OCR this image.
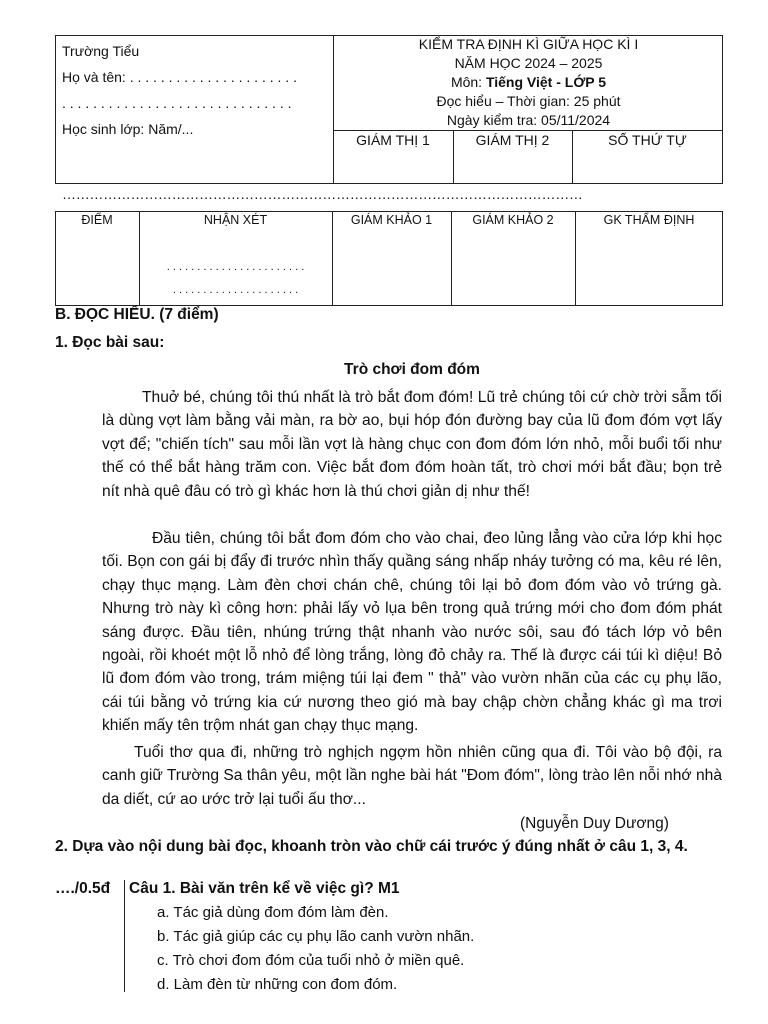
Trường Tiểu
Họ và tên: . . . . . . . . . . . . . . . . . . . . . .
. . . . . . . . . . . . . . . . . . . . . . . . . . . . . .
Học sinh lớp: Năm/...
KIỂM TRA ĐỊNH KÌ GIỮA HỌC KÌ I
NĂM HỌC 2024 – 2025
Môn: Tiếng Việt - LỚP 5
Đọc hiểu – Thời gian: 25 phút
Ngày kiểm tra: 05/11/2024
GIÁM THỊ 1	GIÁM THỊ 2	SỐ THỨ TỰ
……………………………………………………………………………………………………
ĐIỂM	NHẬN XÉT	GIÁM KHẢO 1	GIÁM KHẢO 2	GK THẨM ĐỊNH
. . . . . . . . . . . . . . . . . . . . . . .
. . . . . . . . . . . . . . . . . . . . .
B. ĐỌC HIỂU. (7 điểm)
1. Đọc bài sau:
Trò chơi đom đóm
Thuở bé, chúng tôi thú nhất là trò bắt đom đóm! Lũ trẻ chúng tôi cứ chờ trời sẫm tối là dùng vợt làm bằng vải màn, ra bờ ao, bụi hóp đón đường bay của lũ đom đóm vợt lấy vợt để; "chiến tích" sau mỗi lần vợt là hàng chục con đom đóm lớn nhỏ, mỗi buổi tối như thế có thể bắt hàng trăm con. Việc bắt đom đóm hoàn tất, trò chơi mới bắt đầu; bọn trẻ nít nhà quê đâu có trò gì khác hơn là thú chơi giản dị như thế!
Đầu tiên, chúng tôi bắt đom đóm cho vào chai, đeo lủng lẳng vào cửa lớp khi học tối. Bọn con gái bị đẩy đi trước nhìn thấy quầng sáng nhấp nháy tưởng có ma, kêu ré lên, chạy thục mạng. Làm đèn chơi chán chê, chúng tôi lại bỏ đom đóm vào vỏ trứng gà. Nhưng trò này kì công hơn: phải lấy vỏ lụa bên trong quả trứng mới cho đom đóm phát sáng được. Đầu tiên, nhúng trứng thật nhanh vào nước sôi, sau đó tách lớp vỏ bên ngoài, rồi khoét một lỗ nhỏ để lòng trắng, lòng đỏ chảy ra. Thế là được cái túi kì diệu! Bỏ lũ đom đóm vào trong, trám miệng túi lại đem " thả" vào vườn nhãn của các cụ phụ lão, cái túi bằng vỏ trứng kia cứ nương theo gió mà bay chập chờn chẳng khác gì ma trơi khiến mấy tên trộm nhát gan chạy thục mạng.
Tuổi thơ qua đi, những trò nghịch ngợm hồn nhiên cũng qua đi. Tôi vào bộ đội, ra canh giữ Trường Sa thân yêu, một lần nghe bài hát "Đom đóm", lòng trào lên nỗi nhớ nhà da diết, cứ ao ước trở lại tuổi ấu thơ...
(Nguyễn Duy Dương)
2. Dựa vào nội dung bài đọc, khoanh tròn vào chữ cái trước ý đúng nhất ở câu 1, 3, 4.
…./0.5đ Câu 1. Bài văn trên kể về việc gì? M1
a. Tác giả dùng đom đóm làm đèn.
b. Tác giả giúp các cụ phụ lão canh vườn nhãn.
c. Trò chơi đom đóm của tuổi nhỏ ở miền quê.
d. Làm đèn từ những con đom đóm.
